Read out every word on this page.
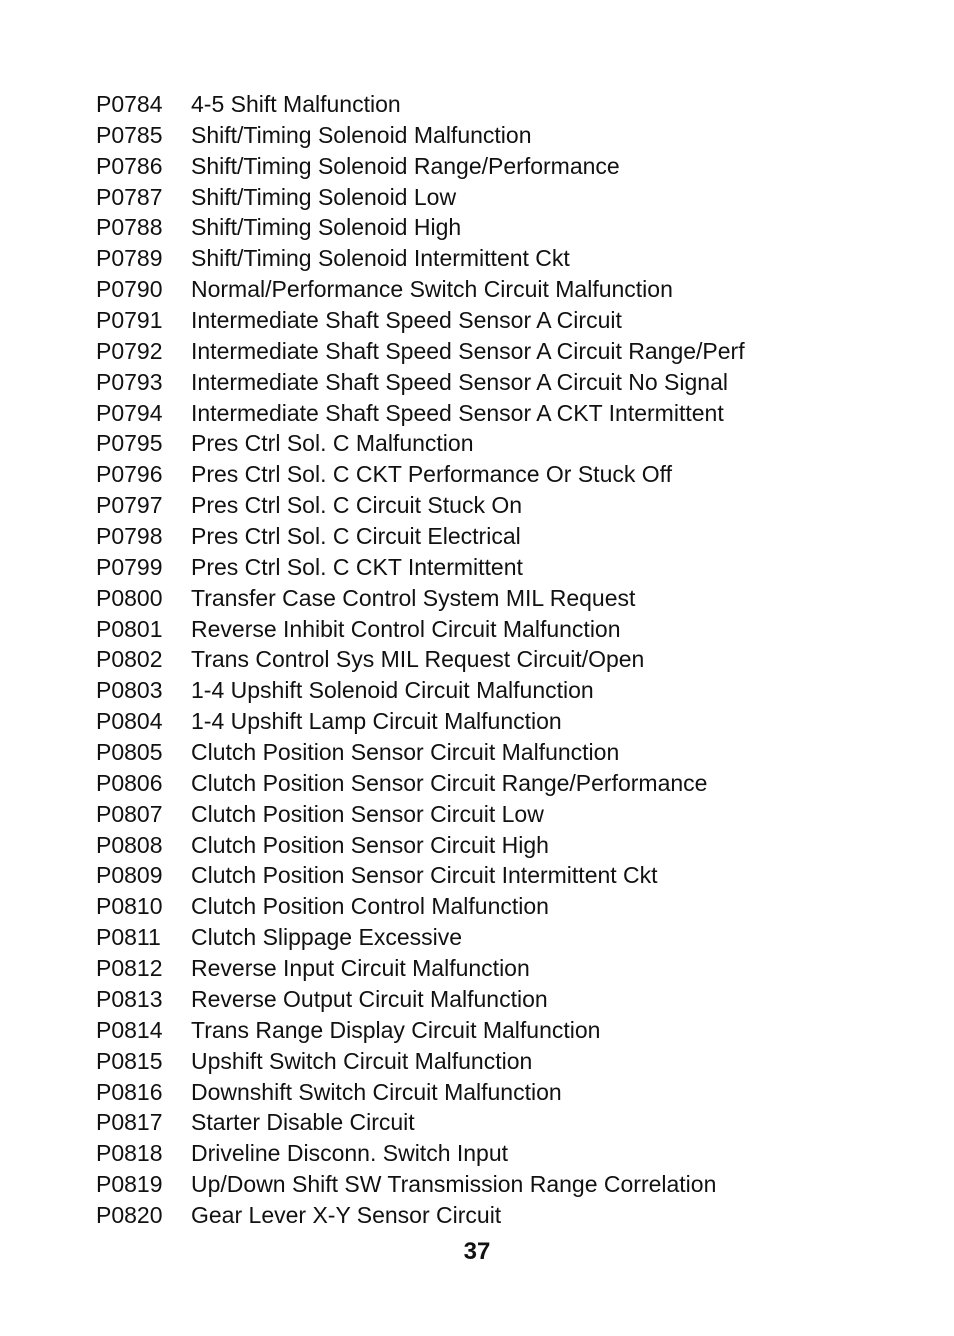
P0784	4-5 Shift Malfunction
P0785	Shift/Timing Solenoid Malfunction
P0786	Shift/Timing Solenoid Range/Performance
P0787	Shift/Timing Solenoid Low
P0788	Shift/Timing Solenoid High
P0789	Shift/Timing Solenoid Intermittent Ckt
P0790	Normal/Performance Switch Circuit Malfunction
P0791	Intermediate Shaft Speed Sensor A Circuit
P0792	Intermediate Shaft Speed Sensor A Circuit Range/Perf
P0793	Intermediate Shaft Speed Sensor A Circuit No Signal
P0794	Intermediate Shaft Speed Sensor A CKT Intermittent
P0795	Pres Ctrl Sol. C Malfunction
P0796	Pres Ctrl Sol. C CKT Performance Or Stuck Off
P0797	Pres Ctrl Sol. C Circuit Stuck On
P0798	Pres Ctrl Sol. C Circuit Electrical
P0799	Pres Ctrl Sol. C CKT Intermittent
P0800	Transfer Case Control System MIL Request
P0801	Reverse Inhibit Control Circuit Malfunction
P0802	Trans Control Sys MIL Request Circuit/Open
P0803	1-4 Upshift Solenoid Circuit Malfunction
P0804	1-4 Upshift Lamp Circuit Malfunction
P0805	Clutch Position Sensor Circuit Malfunction
P0806	Clutch Position Sensor Circuit Range/Performance
P0807	Clutch Position Sensor Circuit Low
P0808	Clutch Position Sensor Circuit High
P0809	Clutch Position Sensor Circuit Intermittent Ckt
P0810	Clutch Position Control Malfunction
P0811	Clutch Slippage Excessive
P0812	Reverse Input Circuit Malfunction
P0813	Reverse Output Circuit Malfunction
P0814	Trans Range Display Circuit Malfunction
P0815	Upshift Switch Circuit Malfunction
P0816	Downshift Switch Circuit Malfunction
P0817	Starter Disable Circuit
P0818	Driveline Disconn. Switch Input
P0819	Up/Down Shift SW Transmission Range Correlation
P0820	Gear Lever X-Y Sensor Circuit
37
